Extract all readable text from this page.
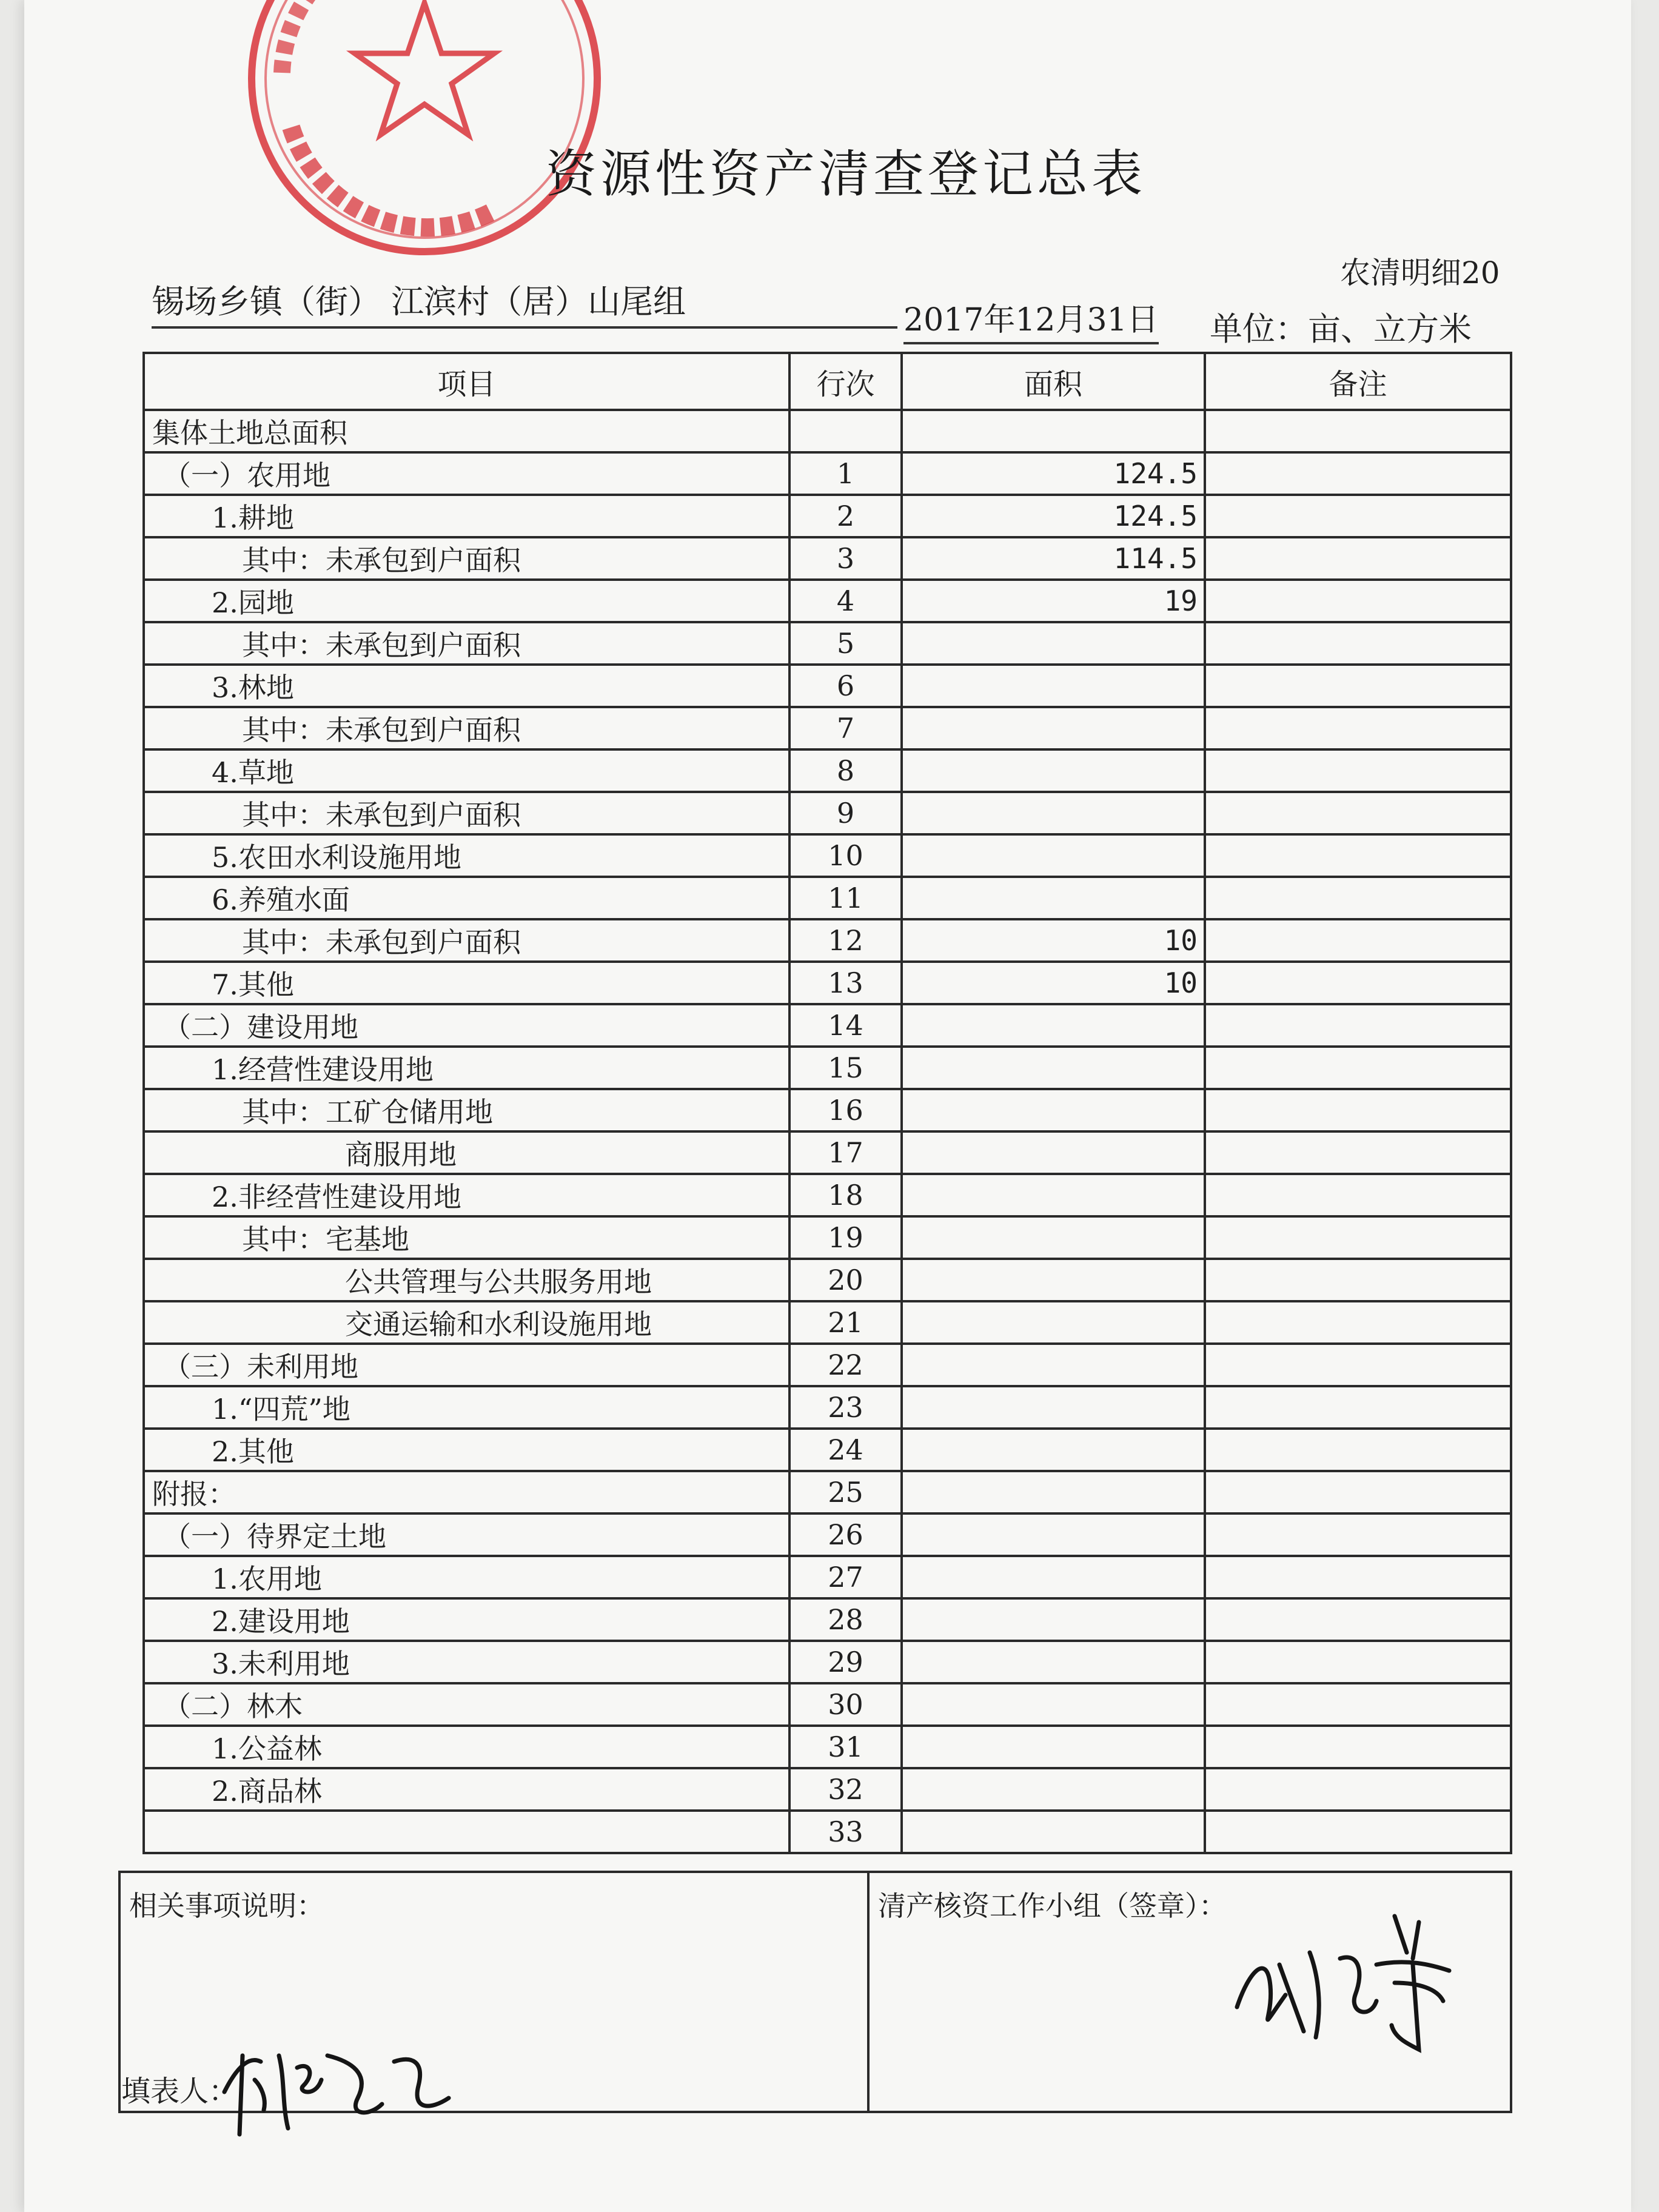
资源性资产清查登记总表
农清明细20
锡场乡镇（街） 江滨村（居）山尾组	2017年12月31日 单位：亩、立方米
项目	行次	面积	备注
集体土地总面积			
（一）农用地	1	124.5	
1.耕地	2	124.5	
其中：未承包到户面积	3	114.5	
2.园地	4	19	
其中：未承包到户面积	5		
3.林地	6		
其中：未承包到户面积	7		
4.草地	8		
其中：未承包到户面积	9		
5.农田水利设施用地	10		
6.养殖水面	11		
其中：未承包到户面积	12	10	
7.其他	13	10	
（二）建设用地	14		
1.经营性建设用地	15		
其中：工矿仓储用地	16		
商服用地	17		
2.非经营性建设用地	18		
其中：宅基地	19		
公共管理与公共服务用地	20		
交通运输和水利设施用地	21		
（三）未利用地	22		
1.“四荒”地	23		
2.其他	24		
附报：	25		
（一）待界定土地	26		
1.农用地	27		
2.建设用地	28		
3.未利用地	29		
（二）林木	30		
1.公益林	31		
2.商品林	32		
	33		
相关事项说明：	清产核资工作小组（签章）：
填表人：
